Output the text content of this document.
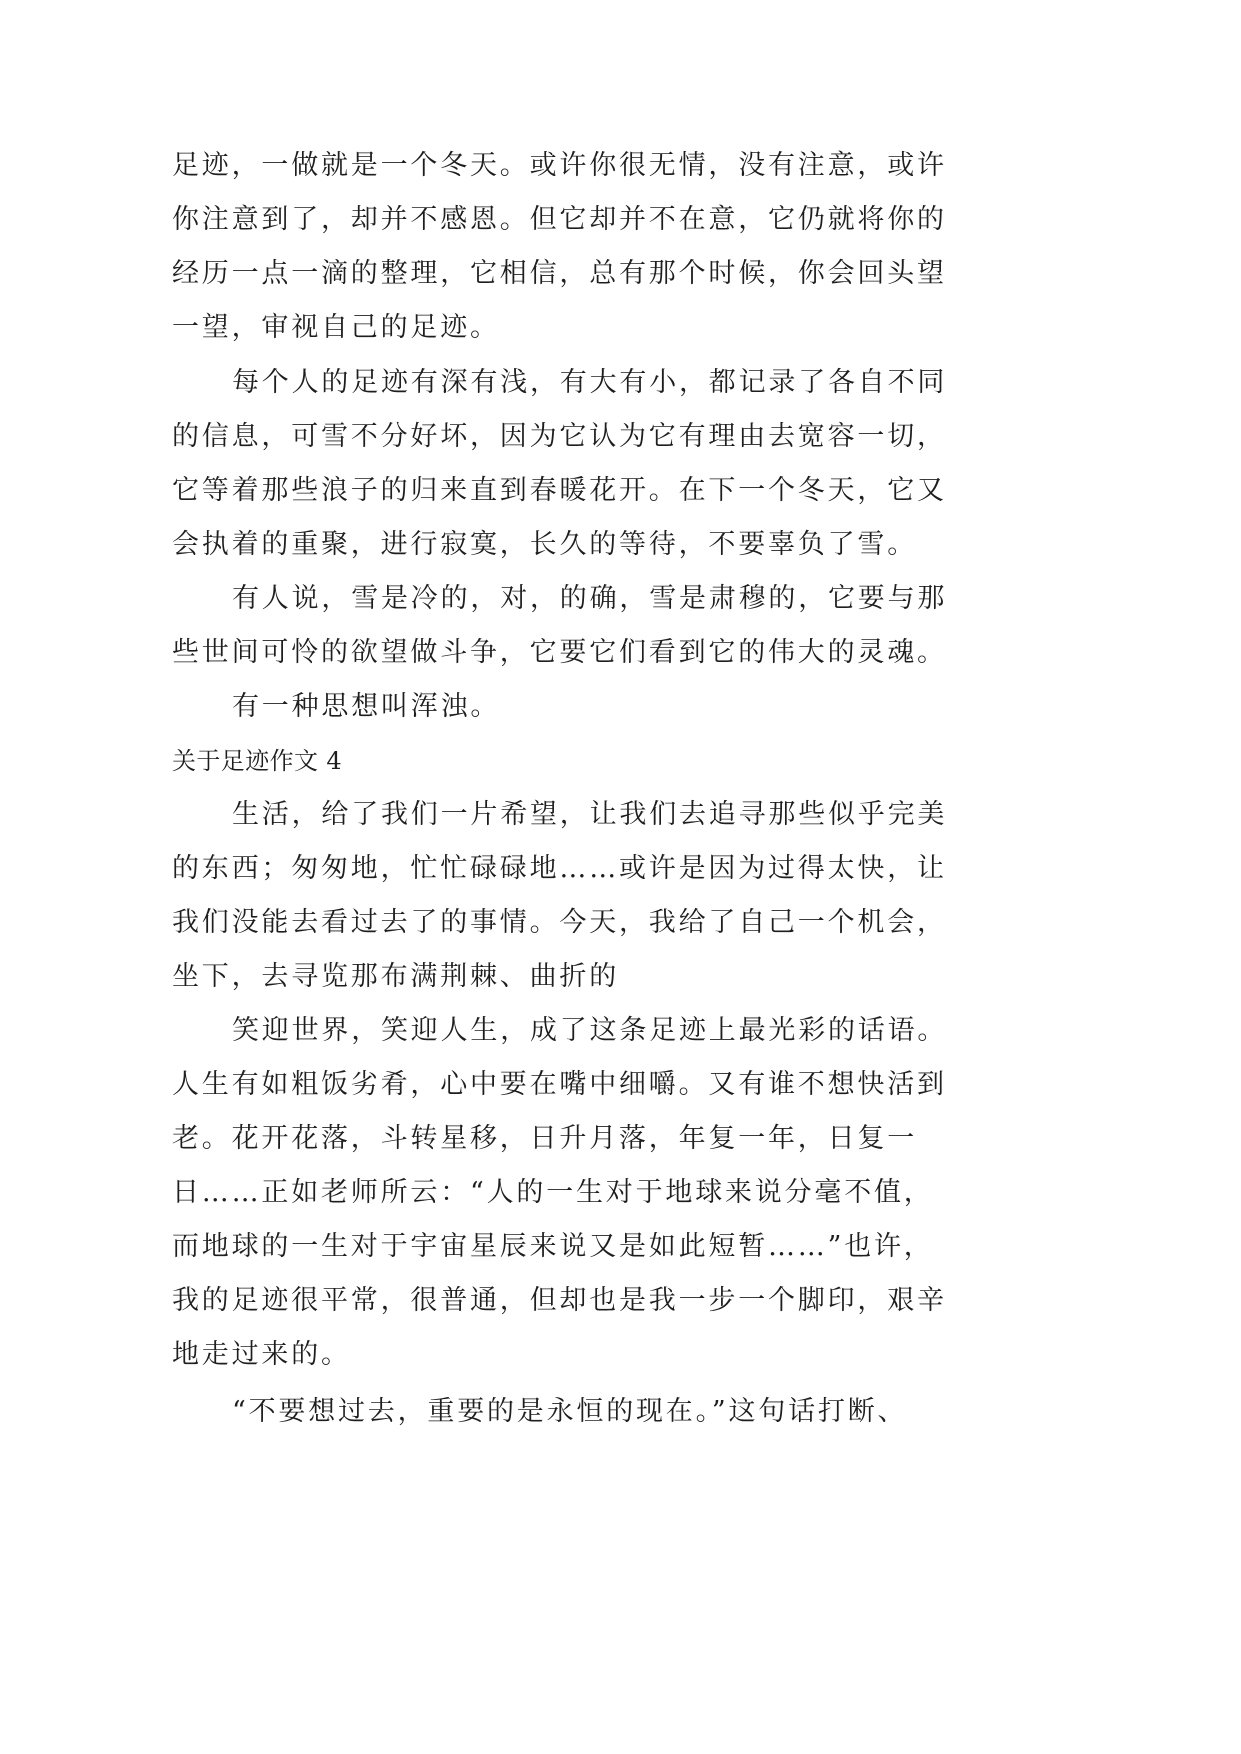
足迹，一做就是一个冬天。或许你很无情，没有注意，或许
你注意到了，却并不感恩。但它却并不在意，它仍就将你的
经历一点一滴的整理，它相信，总有那个时候，你会回头望
一望，审视自己的足迹。
每个人的足迹有深有浅，有大有小，都记录了各自不同
的信息，可雪不分好坏，因为它认为它有理由去宽容一切，
它等着那些浪子的归来直到春暖花开。在下一个冬天，它又
会执着的重聚，进行寂寞，长久的等待，不要辜负了雪。
有人说，雪是冷的，对，的确，雪是肃穆的，它要与那
些世间可怜的欲望做斗争，它要它们看到它的伟大的灵魂。
有一种思想叫浑浊。
关于足迹作文 4
生活，给了我们一片希望，让我们去追寻那些似乎完美
的东西；匆匆地，忙忙碌碌地……或许是因为过得太快，让
我们没能去看过去了的事情。今天，我给了自己一个机会，
坐下，去寻览那布满荆棘、曲折的
笑迎世界，笑迎人生，成了这条足迹上最光彩的话语。
人生有如粗饭劣肴，心中要在嘴中细嚼。又有谁不想快活到
老。花开花落，斗转星移，日升月落，年复一年，日复一
日……正如老师所云：“人的一生对于地球来说分毫不值，
而地球的一生对于宇宙星辰来说又是如此短暂……”也许，
我的足迹很平常，很普通，但却也是我一步一个脚印，艰辛
地走过来的。
“不要想过去，重要的是永恒的现在。”这句话打断、
